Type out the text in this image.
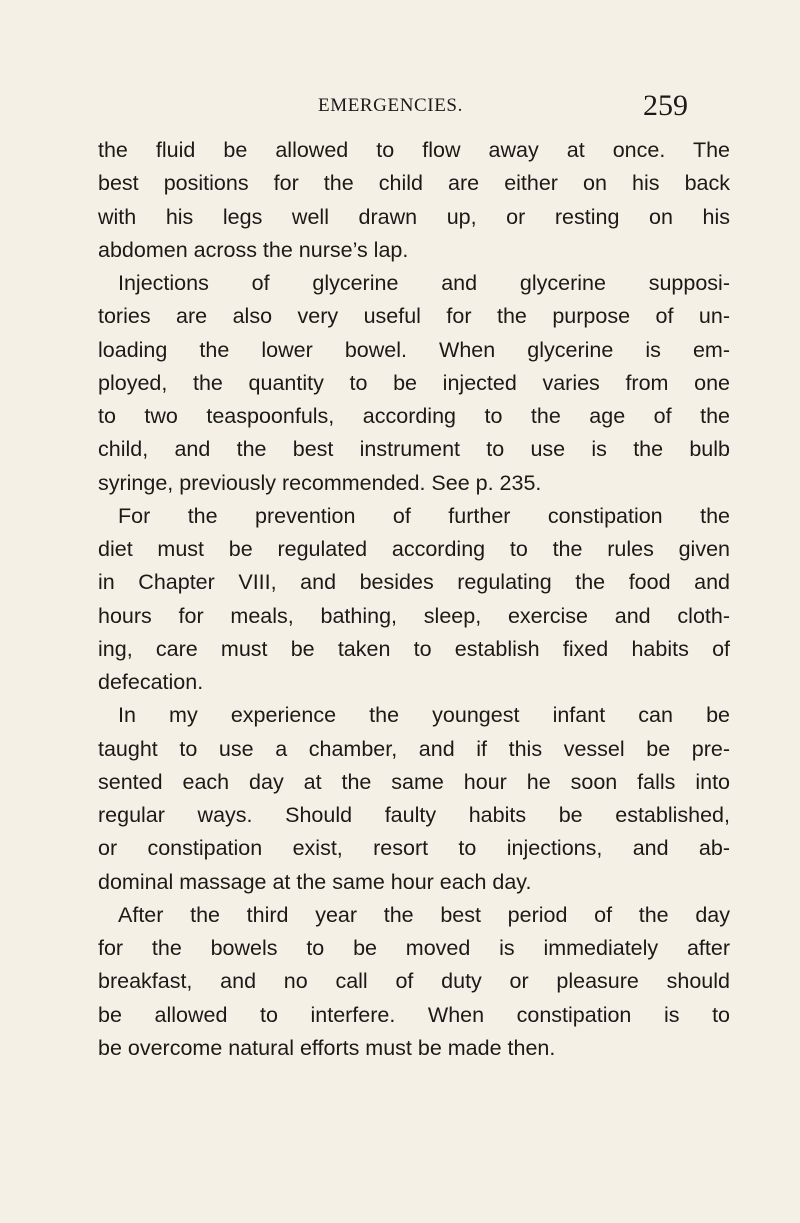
EMERGENCIES.	259
the fluid be allowed to flow away at once. The
best positions for the child are either on his back
with his legs well drawn up, or resting on his
abdomen across the nurse’s lap.
Injections of glycerine and glycerine supposi-
tories are also very useful for the purpose of un-
loading the lower bowel. When glycerine is em-
ployed, the quantity to be injected varies from one
to two teaspoonfuls, according to the age of the
child, and the best instrument to use is the bulb
syringe, previously recommended. See p. 235.
For the prevention of further constipation the
diet must be regulated according to the rules given
in Chapter VIII, and besides regulating the food and
hours for meals, bathing, sleep, exercise and cloth-
ing, care must be taken to establish fixed habits of
defecation.
In my experience the youngest infant can be
taught to use a chamber, and if this vessel be pre-
sented each day at the same hour he soon falls into
regular ways. Should faulty habits be established,
or constipation exist, resort to injections, and ab-
dominal massage at the same hour each day.
After the third year the best period of the day
for the bowels to be moved is immediately after
breakfast, and no call of duty or pleasure should
be allowed to interfere. When constipation is to
be overcome natural efforts must be made then.
